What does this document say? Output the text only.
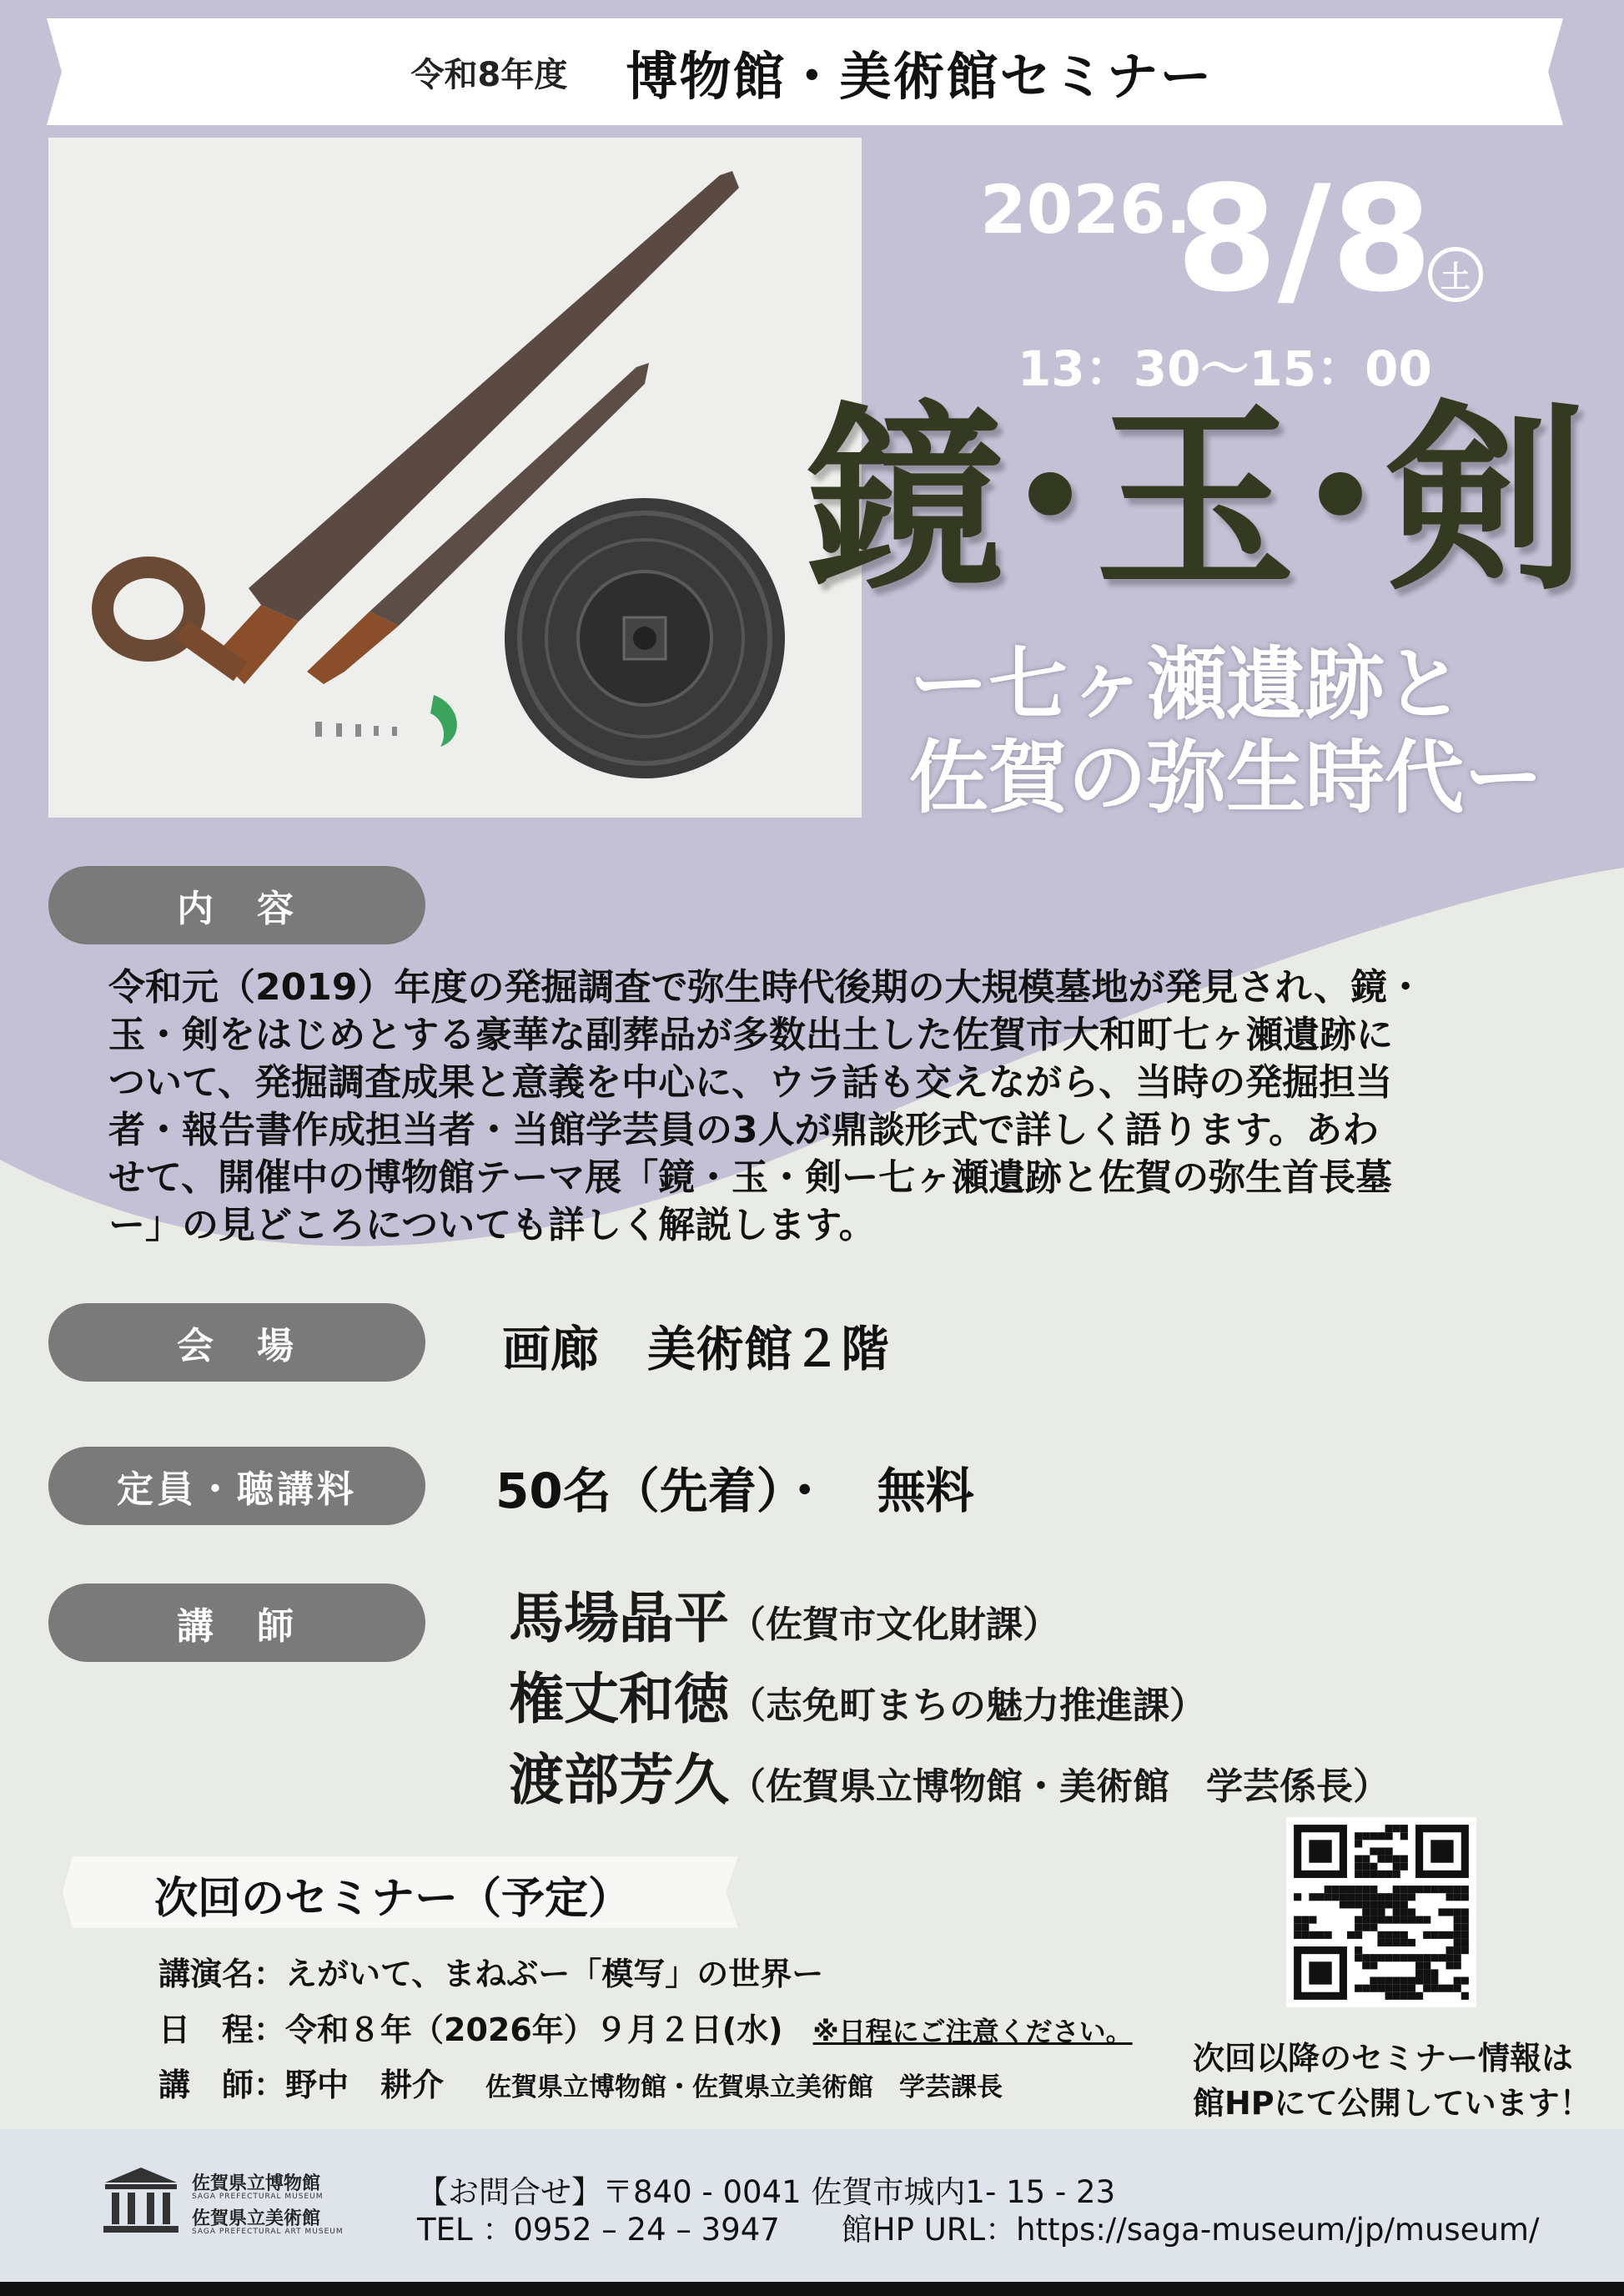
令和8年度 博物館・美術館セミナー
2026.
8/8 土
13：30〜15：00
鏡･玉･剣
ー七ヶ瀬遺跡と
佐賀の弥生時代ー
内　容
令和元（2019）年度の発掘調査で弥生時代後期の大規模墓地が発見され、鏡・
玉・剣をはじめとする豪華な副葬品が多数出土した佐賀市大和町七ヶ瀬遺跡に
ついて、発掘調査成果と意義を中心に、ウラ話も交えながら、当時の発掘担当
者・報告書作成担当者・当館学芸員の3人が鼎談形式で詳しく語ります。あわ
せて、開催中の博物館テーマ展「鏡・玉・剣ー七ヶ瀬遺跡と佐賀の弥生首長墓
ー」の見どころについても詳しく解説します。
会　場	画廊　美術館２階
定員・聴講料	50名（先着）・　無料
講　師	馬場晶平（佐賀市文化財課）
権丈和徳（志免町まちの魅力推進課）
渡部芳久（佐賀県立博物館・美術館　学芸係長）
次回のセミナー（予定）
講演名：えがいて、まねぶー「模写」の世界ー
日　程：令和８年（2026年）９月２日(水) ※日程にご注意ください。
講　師：野中　耕介 佐賀県立博物館・佐賀県立美術館　学芸課長
次回以降のセミナー情報は
館HPにて公開しています！
佐賀県立博物館
SAGA PREFECTURAL MUSEUM
佐賀県立美術館
SAGA PREFECTURAL ART MUSEUM
【お問合せ】〒840 - 0041 佐賀市城内1- 15 - 23
TEL ：0952 – 24 – 3947　　館HP URL：https://saga-museum/jp/museum/
